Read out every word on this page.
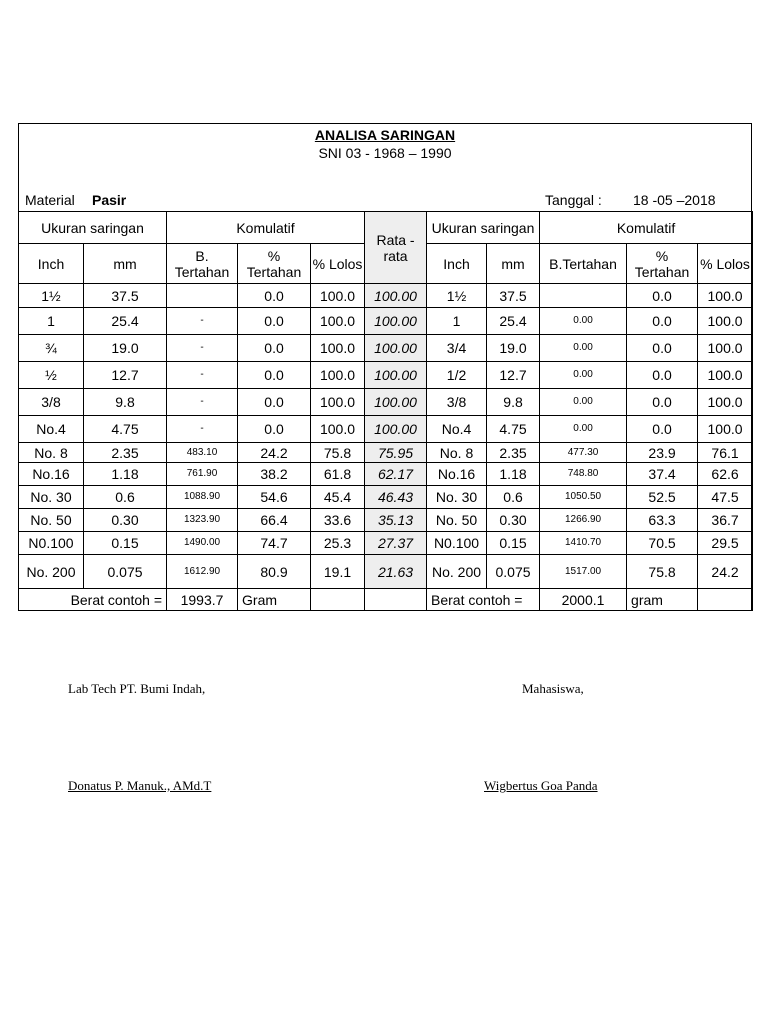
ANALISA SARINGAN
SNI 03 - 1968 – 1990
Material Pasir	Tanggal : 18 -05 –2018
Ukuran saringan		Komulatif			Rata - rata	Ukuran saringan		Komulatif		
Inch	mm	B. Tertahan	% Tertahan	% Lolos		Inch	mm	B.Tertahan	% Tertahan	% Lolos
1½	37.5		0.0	100.0	100.00	1½	37.5		0.0	100.0
1	25.4	-	0.0	100.0	100.00	1	25.4	0.00	0.0	100.0
¾	19.0	-	0.0	100.0	100.00	3/4	19.0	0.00	0.0	100.0
½	12.7	-	0.0	100.0	100.00	1/2	12.7	0.00	0.0	100.0
3/8	9.8	-	0.0	100.0	100.00	3/8	9.8	0.00	0.0	100.0
No.4	4.75	-	0.0	100.0	100.00	No.4	4.75	0.00	0.0	100.0
No. 8	2.35	483.10	24.2	75.8	75.95	No. 8	2.35	477.30	23.9	76.1
No.16	1.18	761.90	38.2	61.8	62.17	No.16	1.18	748.80	37.4	62.6
No. 30	0.6	1088.90	54.6	45.4	46.43	No. 30	0.6	1050.50	52.5	47.5
No. 50	0.30	1323.90	66.4	33.6	35.13	No. 50	0.30	1266.90	63.3	36.7
N0.100	0.15	1490.00	74.7	25.3	27.37	N0.100	0.15	1410.70	70.5	29.5
No. 200	0.075	1612.90	80.9	19.1	21.63	No. 200	0.075	1517.00	75.8	24.2
Berat contoh =		1993.7	Gram			Berat contoh =		2000.1	gram	
Lab Tech PT. Bumi Indah,
Donatus P. Manuk., AMd.T
Mahasiswa,
Wigbertus Goa Panda
